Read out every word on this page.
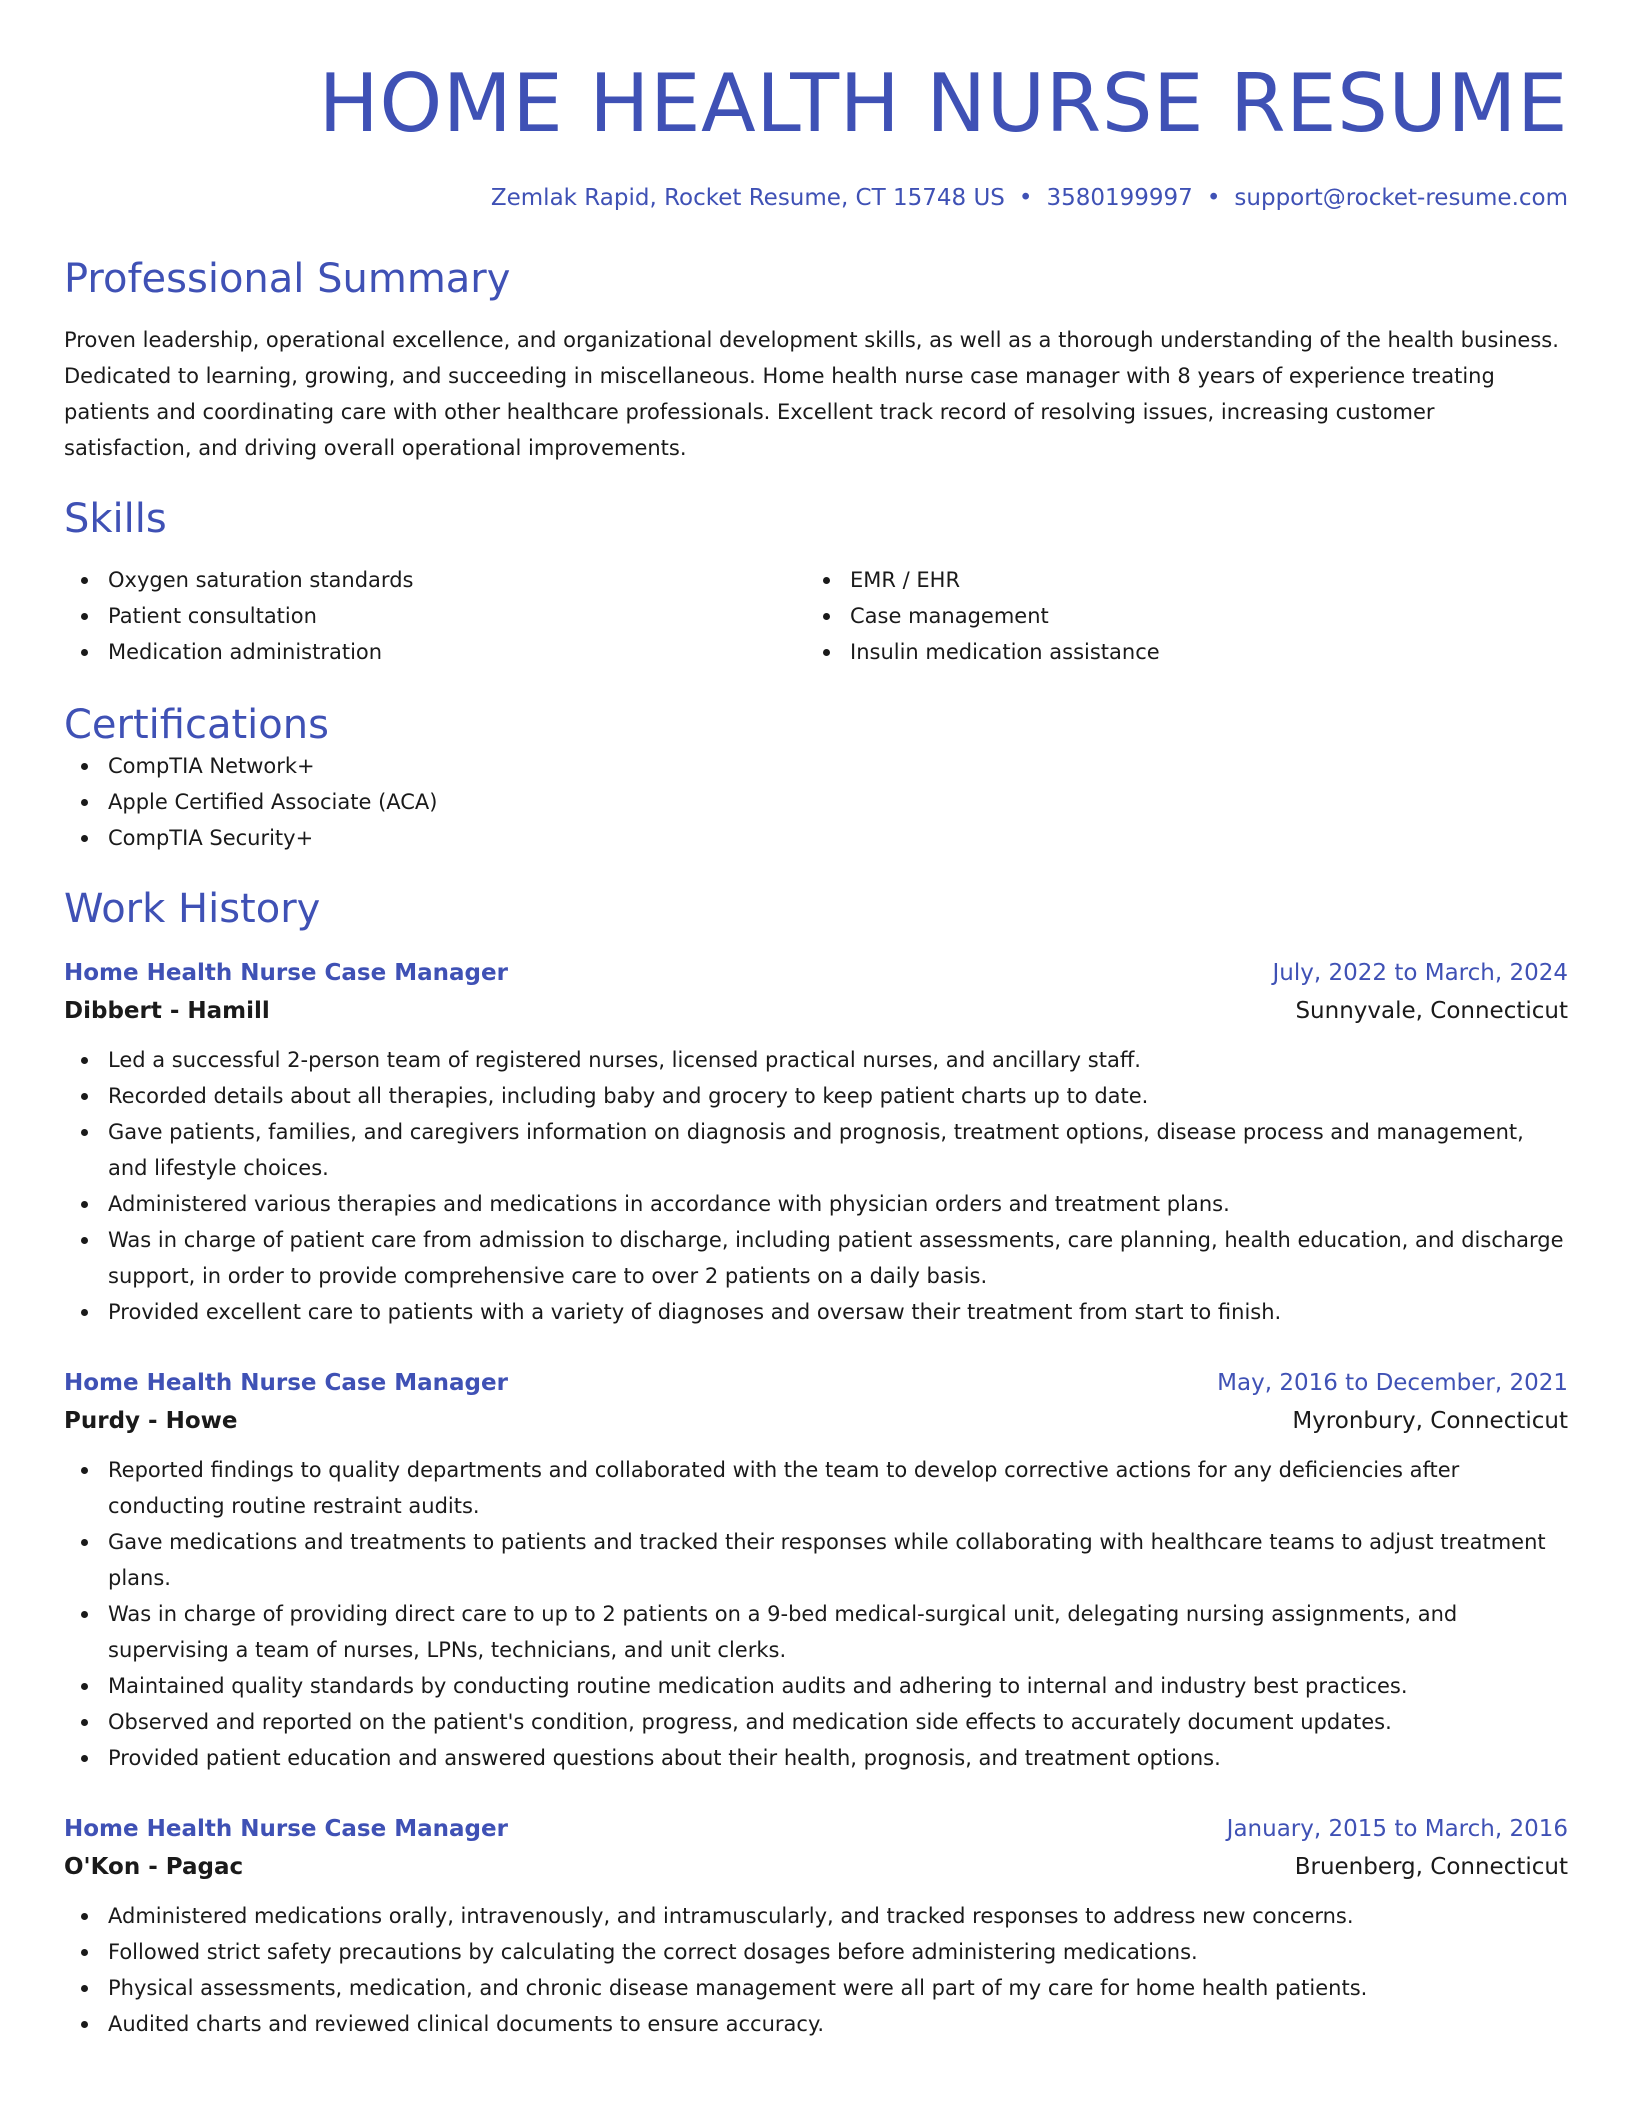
HOME HEALTH NURSE RESUME
Zemlak Rapid, Rocket Resume, CT 15748 US • 3580199997 • support@rocket-resume.com
Professional Summary

Proven leadership, operational excellence, and organizational development skills, as well as a thorough understanding of the health business. Dedicated to learning, growing, and succeeding in miscellaneous. Home health nurse case manager with 8 years of experience treating patients and coordinating care with other healthcare professionals. Excellent track record of resolving issues, increasing customer satisfaction, and driving overall operational improvements.

Skills
Oxygen saturation standards
Patient consultation
Medication administration
EMR / EHR
Case management
Insulin medication assistance
Certifications
CompTIA Network+
Apple Certified Associate (ACA)
CompTIA Security+
Work History
Home Health Nurse Case Manager	July, 2022 to March, 2024
Dibbert - Hamill	Sunnyvale, Connecticut
Led a successful 2-person team of registered nurses, licensed practical nurses, and ancillary staff.
Recorded details about all therapies, including baby and grocery to keep patient charts up to date.
Gave patients, families, and caregivers information on diagnosis and prognosis, treatment options, disease process and management, and lifestyle choices.
Administered various therapies and medications in accordance with physician orders and treatment plans.
Was in charge of patient care from admission to discharge, including patient assessments, care planning, health education, and discharge support, in order to provide comprehensive care to over 2 patients on a daily basis.
Provided excellent care to patients with a variety of diagnoses and oversaw their treatment from start to finish.
Home Health Nurse Case Manager	May, 2016 to December, 2021
Purdy - Howe	Myronbury, Connecticut
Reported findings to quality departments and collaborated with the team to develop corrective actions for any deficiencies after conducting routine restraint audits.
Gave medications and treatments to patients and tracked their responses while collaborating with healthcare teams to adjust treatment plans.
Was in charge of providing direct care to up to 2 patients on a 9-bed medical-surgical unit, delegating nursing assignments, and supervising a team of nurses, LPNs, technicians, and unit clerks.
Maintained quality standards by conducting routine medication audits and adhering to internal and industry best practices.
Observed and reported on the patient's condition, progress, and medication side effects to accurately document updates.
Provided patient education and answered questions about their health, prognosis, and treatment options.
Home Health Nurse Case Manager	January, 2015 to March, 2016
O'Kon - Pagac	Bruenberg, Connecticut
Administered medications orally, intravenously, and intramuscularly, and tracked responses to address new concerns.
Followed strict safety precautions by calculating the correct dosages before administering medications.
Physical assessments, medication, and chronic disease management were all part of my care for home health patients.
Audited charts and reviewed clinical documents to ensure accuracy.
